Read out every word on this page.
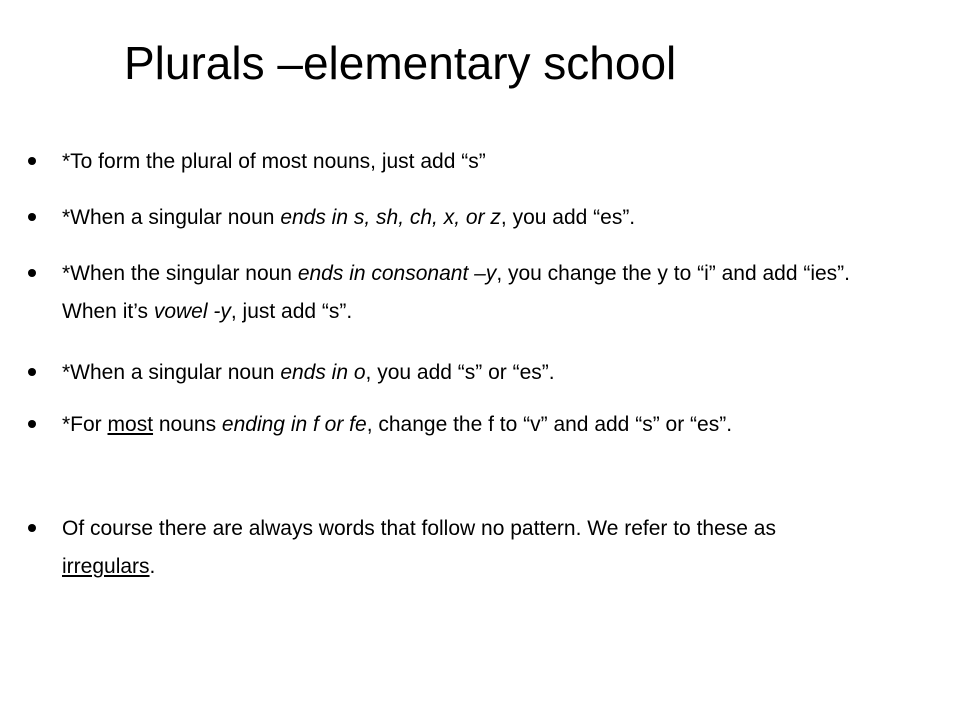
Plurals –elementary school
*To form the plural of most nouns, just add “s”
*When a singular noun ends in s, sh, ch, x, or z, you add “es”.
*When the singular noun ends in consonant –y, you change the y to “i” and add “ies”. When it’s vowel -y, just add “s”.
*When a singular noun ends in o, you add “s” or “es”.
*For most nouns ending in f or fe, change the f to “v” and add “s” or “es”.
Of course there are always words that follow no pattern. We refer to these as irregulars.
